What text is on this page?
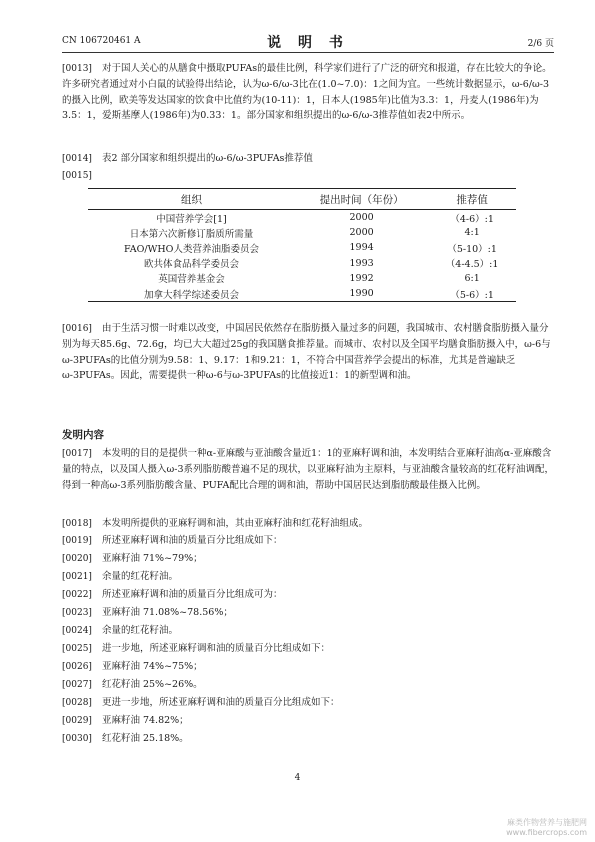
CN 106720461 A	说 明 书	2/6 页

[0013] 对于国人关心的从膳食中摄取PUFAs的最佳比例，科学家们进行了广泛的研究和报道，存在比较大的争论。许多研究者通过对小白鼠的试验得出结论，认为ω-6/ω-3比在(1.0~7.0)：1之间为宜。一些统计数据显示，ω-6/ω-3的摄入比例，欧美等发达国家的饮食中比值约为(10-11)：1，日本人(1985年)比值为3.3：1，丹麦人(1986年)为3.5：1，爱斯基摩人(1986年)为0.33：1。部分国家和组织提出的ω-6/ω-3推荐值如表2中所示。

[0014] 表2 部分国家和组织提出的ω-6/ω-3PUFAs推荐值

[0015]

组织	提出时间（年份）	推荐值
中国营养学会[1]	2000	（4-6）:1
日本第六次新修订脂质所需量	2000	4:1
FAO/WHO人类营养油脂委员会	1994	（5-10）:1
欧共体食品科学委员会	1993	（4-4.5）:1
英国营养基金会	1992	6:1
加拿大科学综述委员会	1990	（5-6）:1

[0016] 由于生活习惯一时难以改变，中国居民依然存在脂肪摄入量过多的问题，我国城市、农村膳食脂肪摄入量分别为每天85.6g、72.6g，均已大大超过25g的我国膳食推荐量。而城市、农村以及全国平均膳食脂肪摄入中，ω-6与ω-3PUFAs的比值分别为9.58：1、9.17：1和9.21：1，不符合中国营养学会提出的标准，尤其是普遍缺乏ω-3PUFAs。因此，需要提供一种ω-6与ω-3PUFAs的比值接近1：1的新型调和油。

发明内容

[0017] 本发明的目的是提供一种α-亚麻酸与亚油酸含量近1：1的亚麻籽调和油，本发明结合亚麻籽油高α-亚麻酸含量的特点，以及国人摄入ω-3系列脂肪酸普遍不足的现状，以亚麻籽油为主原料，与亚油酸含量较高的红花籽油调配，得到一种高ω-3系列脂肪酸含量、PUFA配比合理的调和油，帮助中国居民达到脂肪酸最佳摄入比例。

[0018] 本发明所提供的亚麻籽调和油，其由亚麻籽油和红花籽油组成。

[0019] 所述亚麻籽调和油的质量百分比组成如下：

[0020] 亚麻籽油 71%~79%；

[0021] 余量的红花籽油。

[0022] 所述亚麻籽调和油的质量百分比组成可为：

[0023] 亚麻籽油 71.08%~78.56%；

[0024] 余量的红花籽油。

[0025] 进一步地，所述亚麻籽调和油的质量百分比组成如下：

[0026] 亚麻籽油 74%~75%；

[0027] 红花籽油 25%~26%。

[0028] 更进一步地，所述亚麻籽调和油的质量百分比组成如下：

[0029] 亚麻籽油 74.82%；

[0030] 红花籽油 25.18%。

4
麻类作物营养与施肥网
www.fibercrops.com
